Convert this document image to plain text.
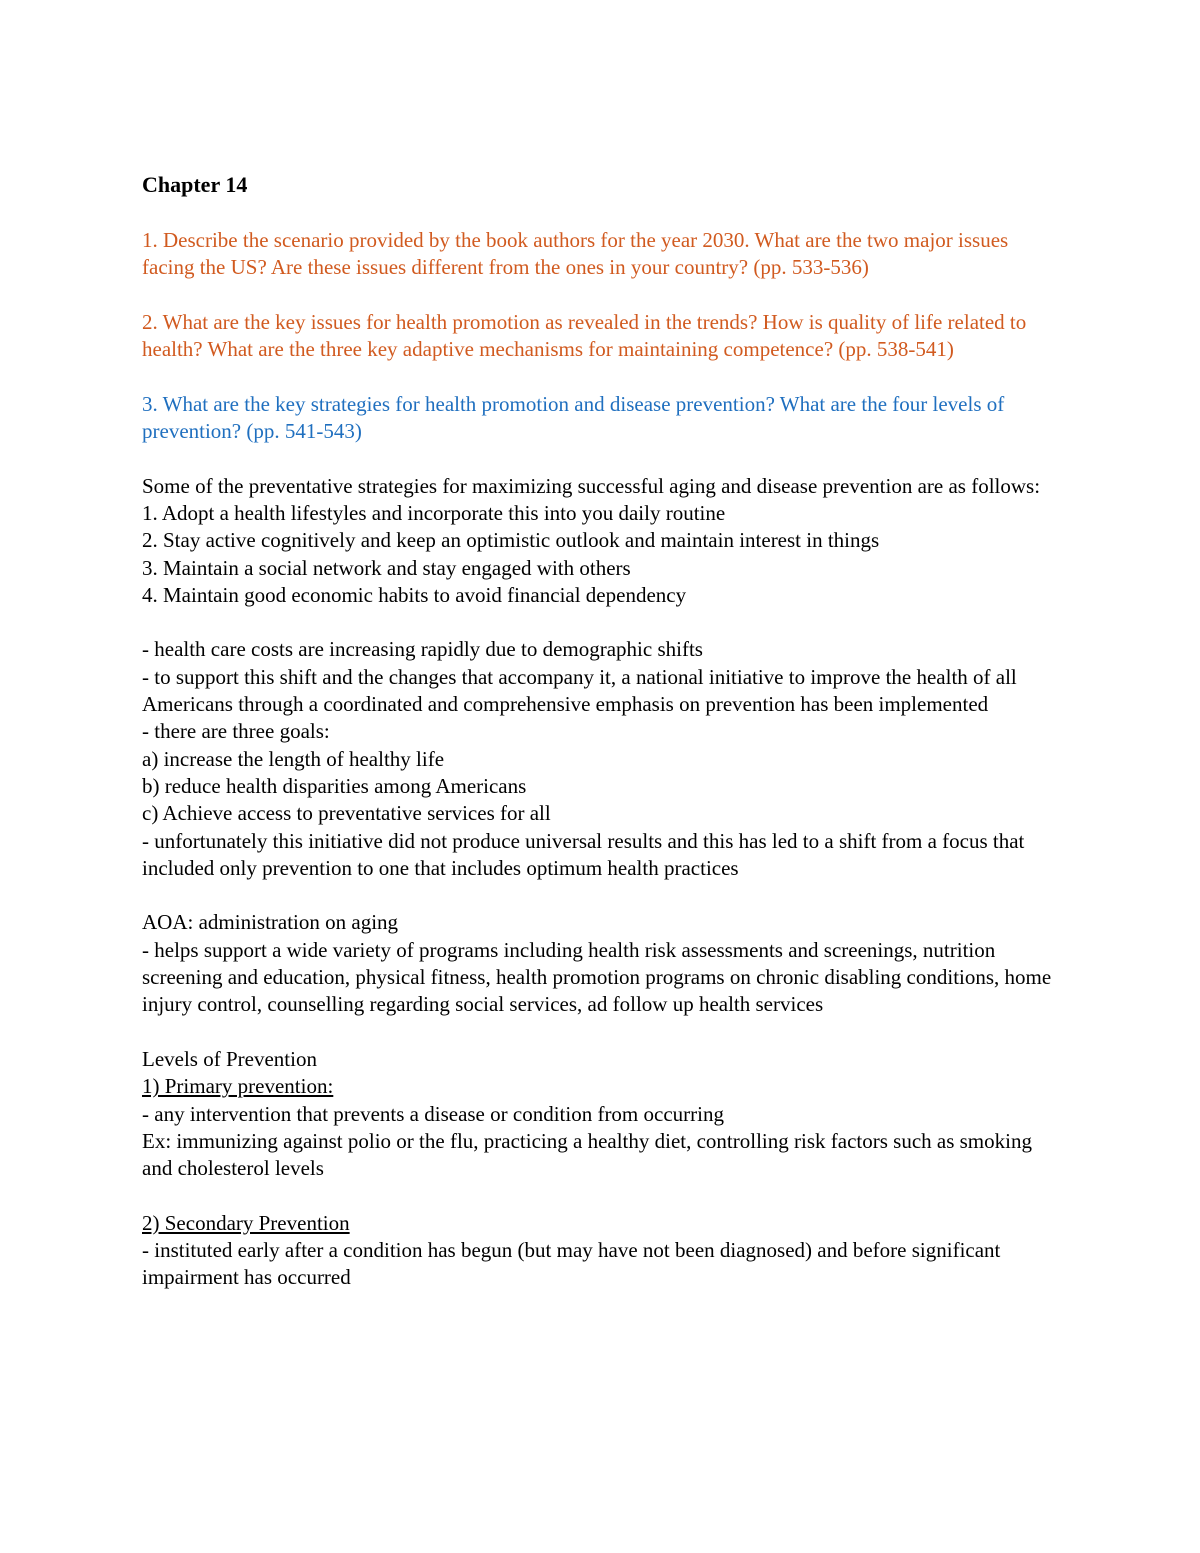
Chapter 14
1. Describe the scenario provided by the book authors for the year 2030. What are the two major issues facing the US? Are these issues different from the ones in your country? (pp. 533-536)
2. What are the key issues for health promotion as revealed in the trends? How is quality of life related to health? What are the three key adaptive mechanisms for maintaining competence? (pp. 538-541)
3. What are the key strategies for health promotion and disease prevention? What are the four levels of prevention? (pp. 541-543)
Some of the preventative strategies for maximizing successful aging and disease prevention are as follows:
1. Adopt a health lifestyles and incorporate this into you daily routine
2. Stay active cognitively and keep an optimistic outlook and maintain interest in things
3. Maintain a social network and stay engaged with others
4. Maintain good economic habits to avoid financial dependency
- health care costs are increasing rapidly due to demographic shifts
- to support this shift and the changes that accompany it, a national initiative to improve the health of all Americans through a coordinated and comprehensive emphasis on prevention has been implemented
- there are three goals:
a) increase the length of healthy life
b) reduce health disparities among Americans
c) Achieve access to preventative services for all
- unfortunately this initiative did not produce universal results and this has led to a shift from a focus that included only prevention to one that includes optimum health practices
AOA: administration on aging
- helps support a wide variety of programs including health risk assessments and screenings, nutrition screening and education, physical fitness, health promotion programs on chronic disabling conditions, home injury control, counselling regarding social services, ad follow up health services
Levels of Prevention
1) Primary prevention:
- any intervention that prevents a disease or condition from occurring
Ex: immunizing against polio or the flu, practicing a healthy diet, controlling risk factors such as smoking and cholesterol levels
2) Secondary Prevention
- instituted early after a condition has begun (but may have not been diagnosed) and before significant impairment has occurred
